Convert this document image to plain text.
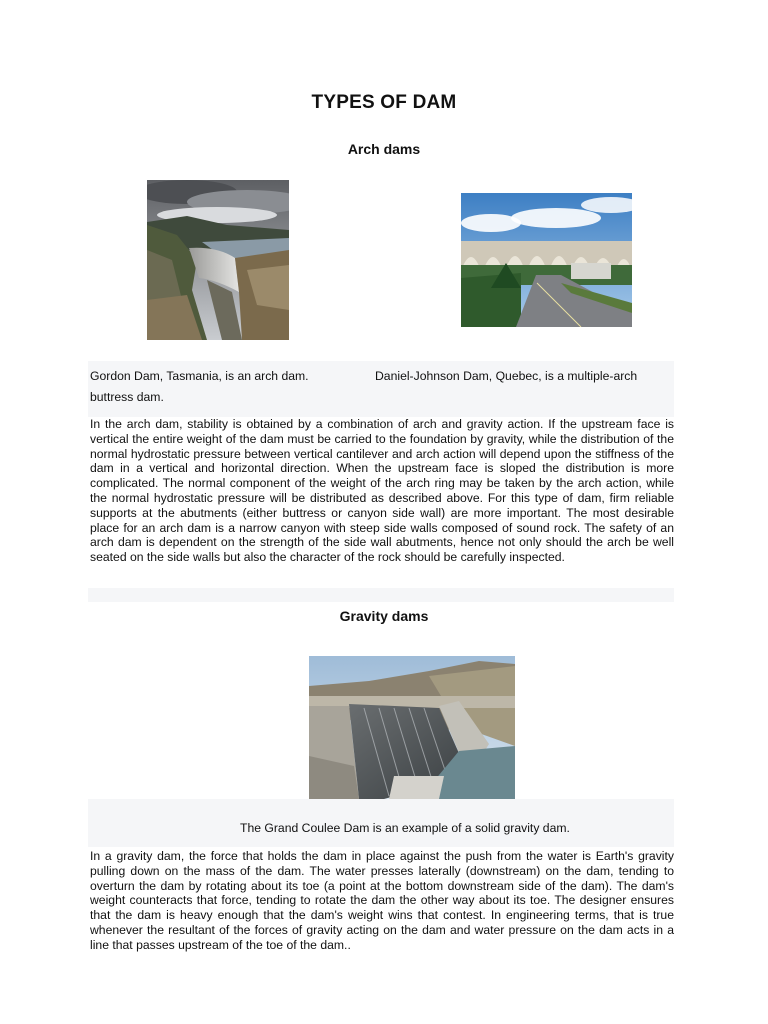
TYPES OF DAM
Arch dams
Gordon Dam, Tasmania, is an arch dam.	Daniel-Johnson Dam, Quebec, is a multiple-arch
buttress dam.
In the arch dam, stability is obtained by a combination of arch and gravity action. If the upstream face is vertical the entire weight of the dam must be carried to the foundation by gravity, while the distribution of the normal hydrostatic pressure between vertical cantilever and arch action will depend upon the stiffness of the dam in a vertical and horizontal direction. When the upstream face is sloped the distribution is more complicated. The normal component of the weight of the arch ring may be taken by the arch action, while the normal hydrostatic pressure will be distributed as described above. For this type of dam, firm reliable supports at the abutments (either buttress or canyon side wall) are more important. The most desirable place for an arch dam is a narrow canyon with steep side walls composed of sound rock. The safety of an arch dam is dependent on the strength of the side wall abutments, hence not only should the arch be well seated on the side walls but also the character of the rock should be carefully inspected.
Gravity dams
The Grand Coulee Dam is an example of a solid gravity dam.
In a gravity dam, the force that holds the dam in place against the push from the water is Earth's gravity pulling down on the mass of the dam. The water presses laterally (downstream) on the dam, tending to overturn the dam by rotating about its toe (a point at the bottom downstream side of the dam). The dam's weight counteracts that force, tending to rotate the dam the other way about its toe. The designer ensures that the dam is heavy enough that the dam's weight wins that contest. In engineering terms, that is true whenever the resultant of the forces of gravity acting on the dam and water pressure on the dam acts in a line that passes upstream of the toe of the dam..
